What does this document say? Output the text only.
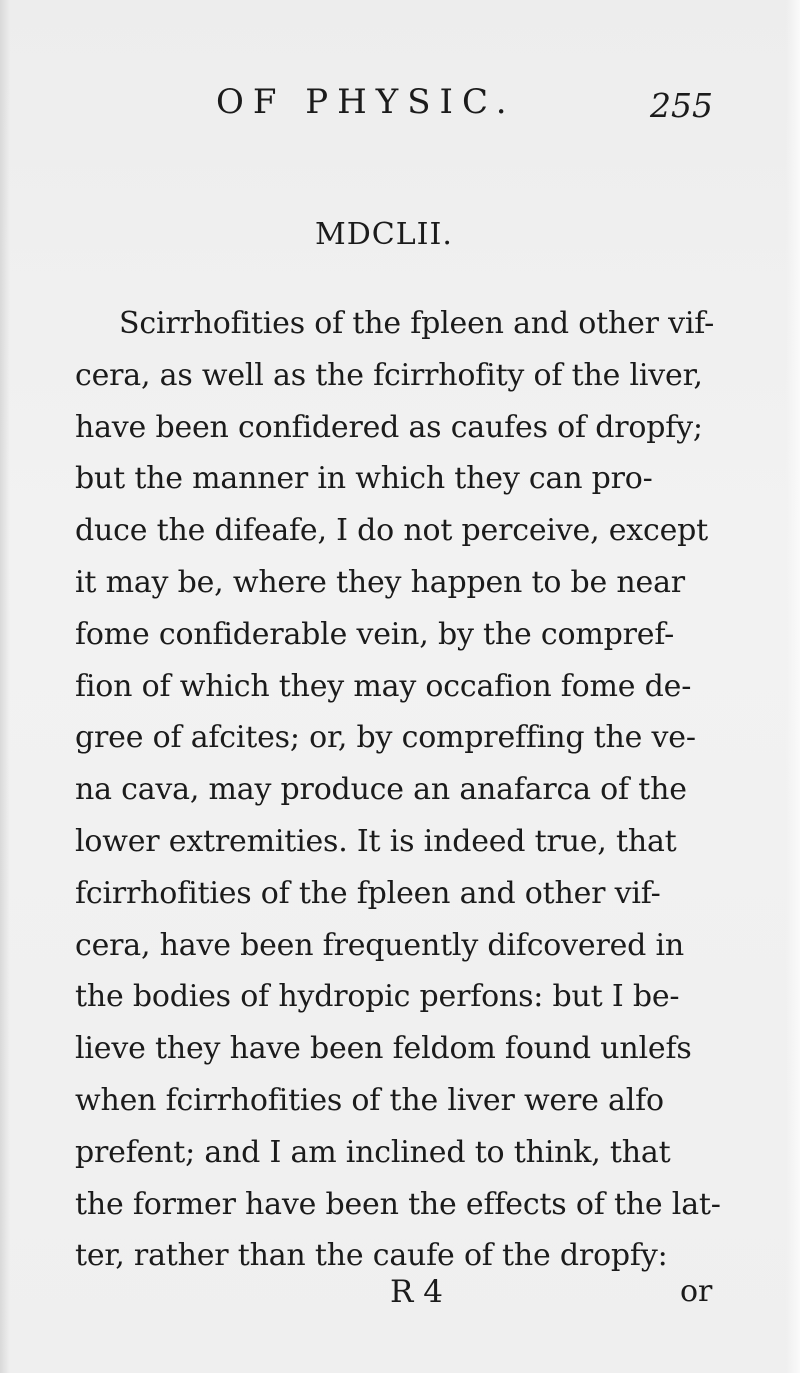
OF PHYSIC.	255
MDCLII.
Scirrhofities of the fpleen and other vif-
cera, as well as the fcirrhofity of the liver,
have been confidered as caufes of dropfy;
but the manner in which they can pro-
duce the difeafe, I do not perceive, except
it may be, where they happen to be near
fome confiderable vein, by the compref-
fion of which they may occafion fome de-
gree of afcites; or, by compreffing the ve-
na cava, may produce an anafarca of the
lower extremities. It is indeed true, that
fcirrhofities of the fpleen and other vif-
cera, have been frequently difcovered in
the bodies of hydropic perfons: but I be-
lieve they have been feldom found unlefs
when fcirrhofities of the liver were alfo
prefent; and I am inclined to think, that
the former have been the effects of the lat-
ter, rather than the caufe of the dropfy:
R 4	or
